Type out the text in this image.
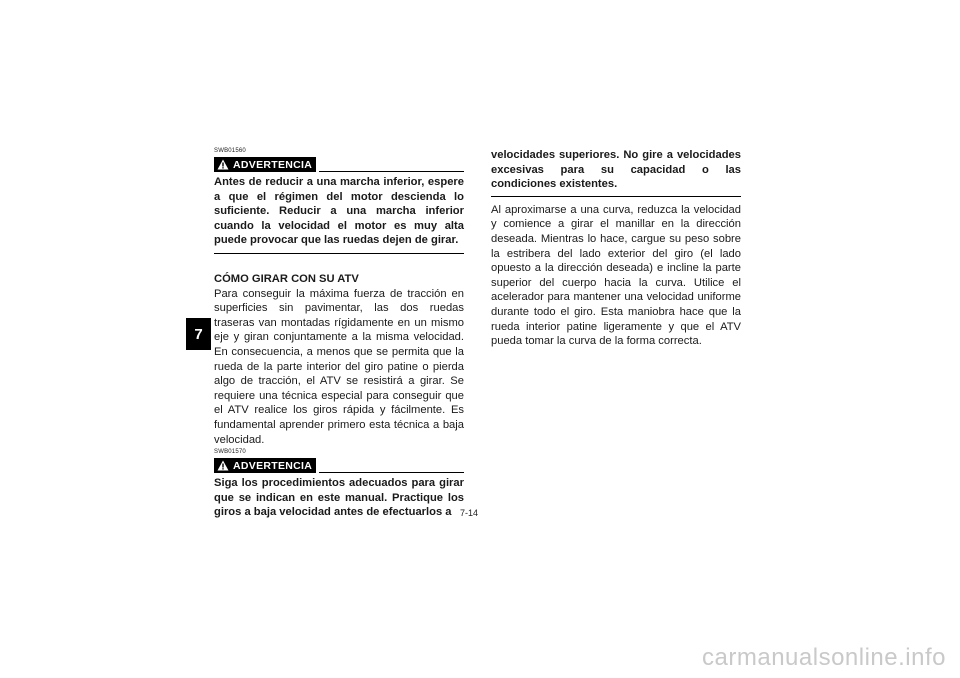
7
SWB01560
ADVERTENCIA

Antes de reducir a una marcha inferior, espere a que el régimen del motor descienda lo suficiente. Reducir a una marcha inferior cuando la velocidad el motor es muy alta puede provocar que las ruedas dejen de girar.

CÓMO GIRAR CON SU ATV

Para conseguir la máxima fuerza de tracción en superficies sin pavimentar, las dos ruedas traseras van montadas rígidamente en un mismo eje y giran conjuntamente a la misma velocidad. En consecuencia, a menos que se permita que la rueda de la parte interior del giro patine o pierda algo de tracción, el ATV se resistirá a girar. Se requiere una técnica especial para conseguir que el ATV realice los giros rápida y fácilmente. Es fundamental aprender primero esta técnica a baja velocidad.

SWB01570
ADVERTENCIA

Siga los procedimientos adecuados para girar que se indican en este manual. Practique los giros a baja velocidad antes de efectuarlos a

velocidades superiores. No gire a velocidades excesivas para su capacidad o las condiciones existentes.

Al aproximarse a una curva, reduzca la velocidad y comience a girar el manillar en la dirección deseada. Mientras lo hace, cargue su peso sobre la estribera del lado exterior del giro (el lado opuesto a la dirección deseada) e incline la parte superior del cuerpo hacia la curva. Utilice el acelerador para mantener una velocidad uniforme durante todo el giro. Esta maniobra hace que la rueda interior patine ligeramente y que el ATV pueda tomar la curva de la forma correcta.

7-14
carmanualsonline.info
